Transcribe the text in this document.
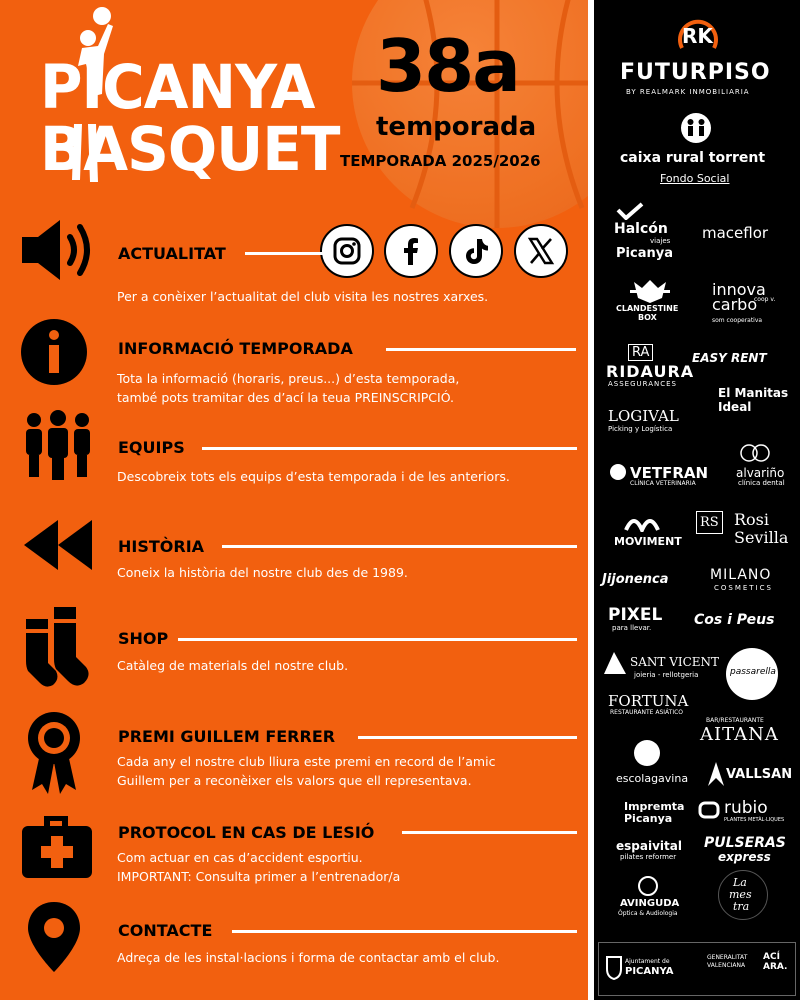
PICANYA
BASQUET
38a
temporada
TEMPORADA 2025/2026
ACTUALITAT
Per a conèixer l’actualitat del club visita les nostres xarxes.
INFORMACIÓ TEMPORADA
Tota la informació (horaris, preus...) d’esta temporada,
també pots tramitar des d’ací la teua PREINSCRIPCIÓ.
EQUIPS
Descobreix tots els equips d’esta temporada i de les anteriors.
HISTÒRIA
Coneix la història del nostre club des de 1989.
SHOP
Catàleg de materials del nostre club.
PREMI GUILLEM FERRER
Cada any el nostre club lliura este premi en record de l’amic
Guillem per a reconèixer els valors que ell representava.
PROTOCOL EN CAS DE LESIÓ
Com actuar en cas d’accident esportiu.
IMPORTANT: Consulta primer a l’entrenador/a
CONTACTE
Adreça de les instal·lacions i forma de contactar amb el club.
RK
FUTURPISO
BY REALMARK INMOBILIARIA
caixa rural torrent
Fondo Social
Halcón
viajes
Picanya
maceflor
CLANDESTINE
BOX
innova
carbo
coop v.
som cooperativa
RA
RIDAURA
ASSEGURANCES
EASY RENT
El Manitas
Ideal
LOGIVAL
Picking y Logística
VETFRAN
CLÍNICA VETERINARIA
alvariño
clínica dental
MOVIMENT
RS Rosi
Sevilla
Jijonenca	MILANO
COSMETICS
PIXEL
para llevar.	Cos i Peus
SANT VICENT
joieria - rellotgeria	passarella
FORTUNA
RESTAURANTE ASIÁTICO
BAR/RESTAURANTE
AITANA
escolagavina	VALLSAN
Impremta
Picanya
rubio
PLANTES METÀL·LIQUES
espaivital
pilates reformer
PULSERAS
express
AVINGUDA
Òptica & Audiologia
La
mes
tra
Ajuntament de
PICANYA
GENERALITAT
VALENCIANA
ACÍ
ARA.
